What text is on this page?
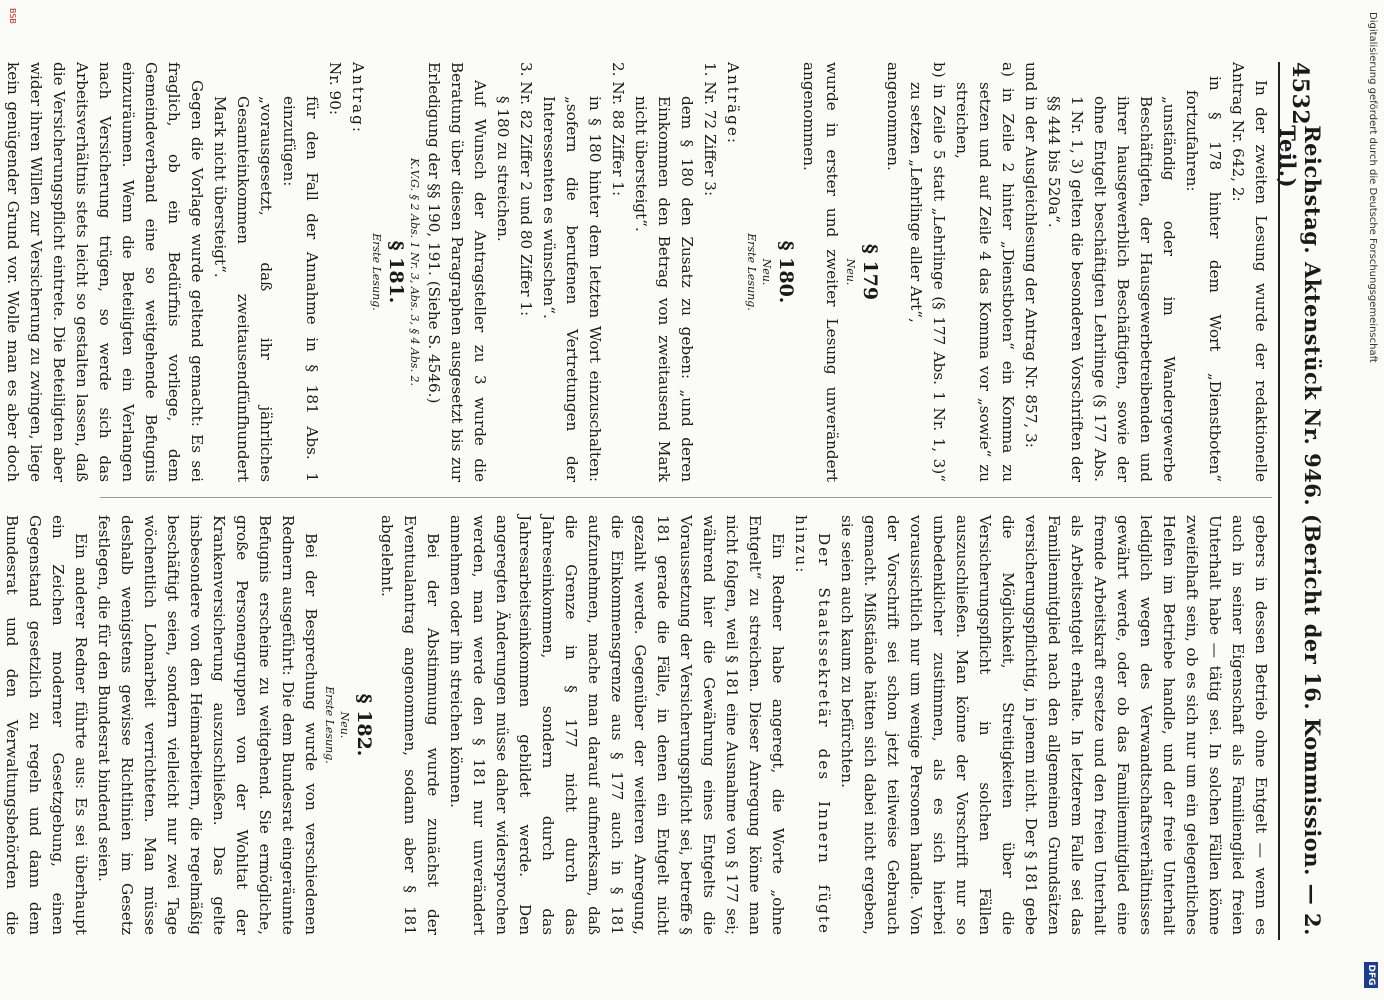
4532
Reichstag. Aktenstück Nr. 946. (Bericht der 16. Kommission. — 2. Teil.)

In der zweiten Lesung wurde der redaktionelle Antrag Nr. 642, 2:

in § 178 hinter dem Wort „Dienstboten“ fortzufahren:

„unständig oder im Wandergewerbe Beschäftigten, der Hausgewerbetreibenden und ihrer hausgewerblich Beschäftigten, sowie der ohne Entgelt beschäftigten Lehrlinge (§ 177 Abs. 1 Nr. 1, 3) gelten die besonderen Vorschriften der §§ 444 bis 520a“.

und in der Ausgleichlesung der Antrag Nr. 857, 3:

a) in Zeile 2 hinter „Dienstboten“ ein Komma zu setzen und auf Zeile 4 das Komma vor „sowie“ zu streichen,

b) in Zeile 5 statt „Lehrlinge (§ 177 Abs. 1 Nr. 1, 3)“ zu setzen „Lehrlinge aller Art“,

angenommen.

§ 179

Neu.

wurde in erster und zweiter Lesung unverändert angenommen.

§ 180.

Neu.

Erste Lesung.

Anträge:

1. Nr. 72 Ziffer 3:

dem § 180 den Zusatz zu geben: „und deren Einkommen den Betrag von zweitausend Mark nicht übersteigt“.

2. Nr. 88 Ziffer 1:

in § 180 hinter dem letzten Wort einzuschalten: „sofern die berufenen Vertretungen der Interessenten es wünschen“.

3. Nr. 82 Ziffer 2 und 80 Ziffer 1:

§ 180 zu streichen.

Auf Wunsch der Antragsteller zu 3 wurde die Beratung über diesen Paragraphen ausgesetzt bis zur Erledigung der §§ 190, 191. (Siehe S. 4546.)

K.V.G. § 2 Abs. 1 Nr. 3, Abs. 3, § 4 Abs. 2.

§ 181.

Erste Lesung.

Antrag:

Nr. 90:

für den Fall der Annahme in § 181 Abs. 1 einzufügen:

„vorausgesetzt, daß ihr jährliches Gesamteinkommen zweitausendfünfhundert Mark nicht übersteigt“.

Gegen die Vorlage wurde geltend gemacht: Es sei fraglich, ob ein Bedürfnis vorliege, dem Gemeindeverband eine so weitgehende Befugnis einzuräumen. Wenn die Beteiligten ein Verlangen nach Versicherung trügen, so werde sich das Arbeitsverhältnis stets leicht so gestalten lassen, daß die Versicherungspflicht eintrete. Die Beteiligten aber wider ihren Willen zur Versicherung zu zwingen, liege kein genügender Grund vor. Wolle man es aber doch

gebers in dessen Betrieb ohne Entgelt — wenn es auch in seiner Eigenschaft als Familienglied freien Unterhalt habe — tätig sei. In solchen Fällen könne zweifelhaft sein, ob es sich nur um ein gelegentliches Helfen im Betriebe handle, und der freie Unterhalt lediglich wegen des Verwandtschaftsverhältnisses gewährt werde, oder ob das Familienmitglied eine fremde Arbeitskraft ersetze und den freien Unterhalt als Arbeitsentgelt erhalte. In letzterem Falle sei das Familienmitglied nach den allgemeinen Grundsätzen versicherungspflichtig, in jenem nicht. Der § 181 gebe die Möglichkeit, Streitigkeiten über die Versicherungspflicht in solchen Fällen auszuschließen. Man könne der Vorschrift nur so unbedenklicher zustimmen, als es sich hierbei voraussichtlich nur um wenige Personen handle. Von der Vorschrift sei schon jetzt teilweise Gebrauch gemacht. Mißstände hätten sich dabei nicht ergeben, sie seien auch kaum zu befürchten.

Der Staatssekretär des Innern fügte hinzu:

Ein Redner habe angeregt, die Worte „ohne Entgelt“ zu streichen. Dieser Anregung könne man nicht folgen, weil § 181 eine Ausnahme von § 177 sei; während hier die Gewährung eines Entgelts die Voraussetzung der Versicherungspflicht sei, betreffe § 181 gerade die Fälle, in denen ein Entgelt nicht gezahlt werde. Gegenüber der weiteren Anregung, die Einkommensgrenze aus § 177 auch in § 181 aufzunehmen, mache man darauf aufmerksam, daß die Grenze in § 177 nicht durch das Jahreseinkommen, sondern durch das Jahresarbeitseinkommen gebildet werde. Den angeregten Änderungen müsse daher widersprochen werden, man werde den § 181 nur unverändert annehmen oder ihn streichen können.

Bei der Abstimmung wurde zunächst der Eventualantrag angenommen, sodann aber § 181 abgelehnt.

§ 182.

Neu.

Erste Lesung.

Bei der Besprechung wurde von verschiedenen Rednern ausgeführt: Die dem Bundesrat eingeräumte Befugnis erscheine zu weitgehend. Sie ermögliche, große Personengruppen von der Wohltat der Krankenversicherung auszuschließen. Das gelte insbesondere von den Heimarbeitern, die regelmäßig beschäftigt seien, sondern vielleicht nur zwei Tage wöchentlich Lohnarbeit verrichteten. Man müsse deshalb wenigstens gewisse Richtlinien im Gesetz festlegen, die für den Bundesrat bindend seien.

Ein anderer Redner führte aus: Es sei überhaupt ein Zeichen moderner Gesetzgebung, einen Gegenstand gesetzlich zu regeln und dann dem Bundesrat und den Verwaltungsbehörden die

Digitalisierung gefördert durch die Deutsche Forschungsgemeinschaft
DFG
BSB
